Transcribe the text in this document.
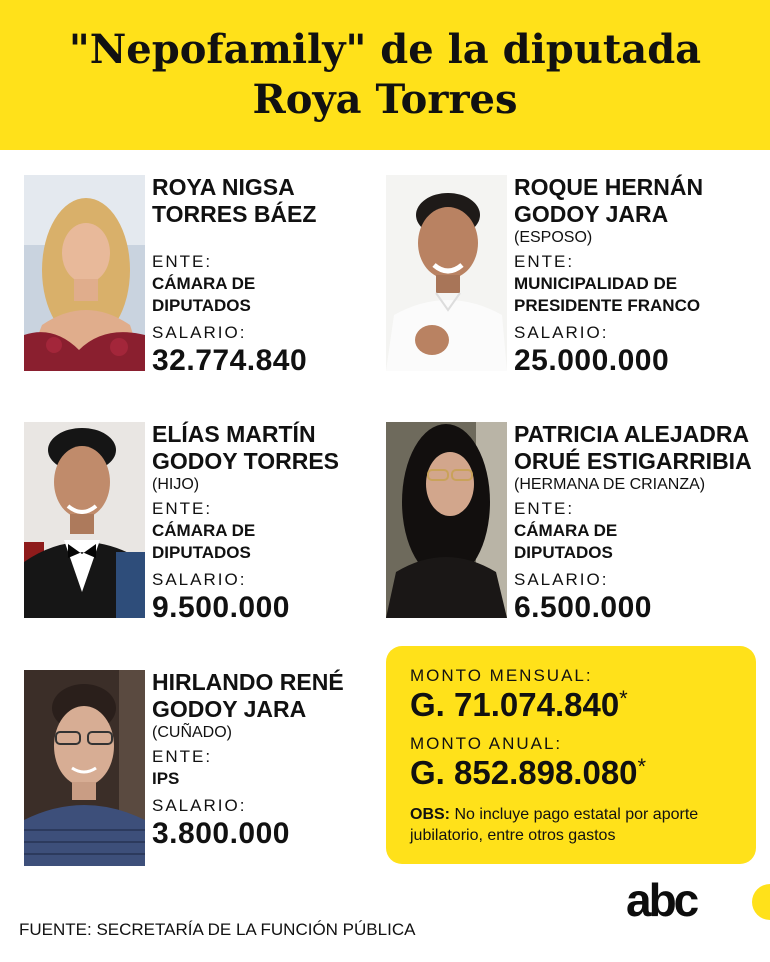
"Nepofamily" de la diputada
Roya Torres
ROYA NIGSA
TORRES BÁEZ
ENTE:
CÁMARA DE
DIPUTADOS
SALARIO:
32.774.840
ROQUE HERNÁN
GODOY JARA
(ESPOSO)
ENTE:
MUNICIPALIDAD DE
PRESIDENTE FRANCO
SALARIO:
25.000.000
ELÍAS MARTÍN
GODOY TORRES
(HIJO)
ENTE:
CÁMARA DE
DIPUTADOS
SALARIO:
9.500.000
PATRICIA ALEJADRA
ORUÉ ESTIGARRIBIA
(HERMANA DE CRIANZA)
ENTE:
CÁMARA DE
DIPUTADOS
SALARIO:
6.500.000
HIRLANDO RENÉ
GODOY JARA
(CUÑADO)
ENTE:
IPS
SALARIO:
3.800.000
MONTO MENSUAL:
G. 71.074.840*
MONTO ANUAL:
G. 852.898.080*
OBS: No incluye pago estatal por aporte jubilatorio, entre otros gastos
FUENTE: SECRETARÍA DE LA FUNCIÓN PÚBLICA
abc
